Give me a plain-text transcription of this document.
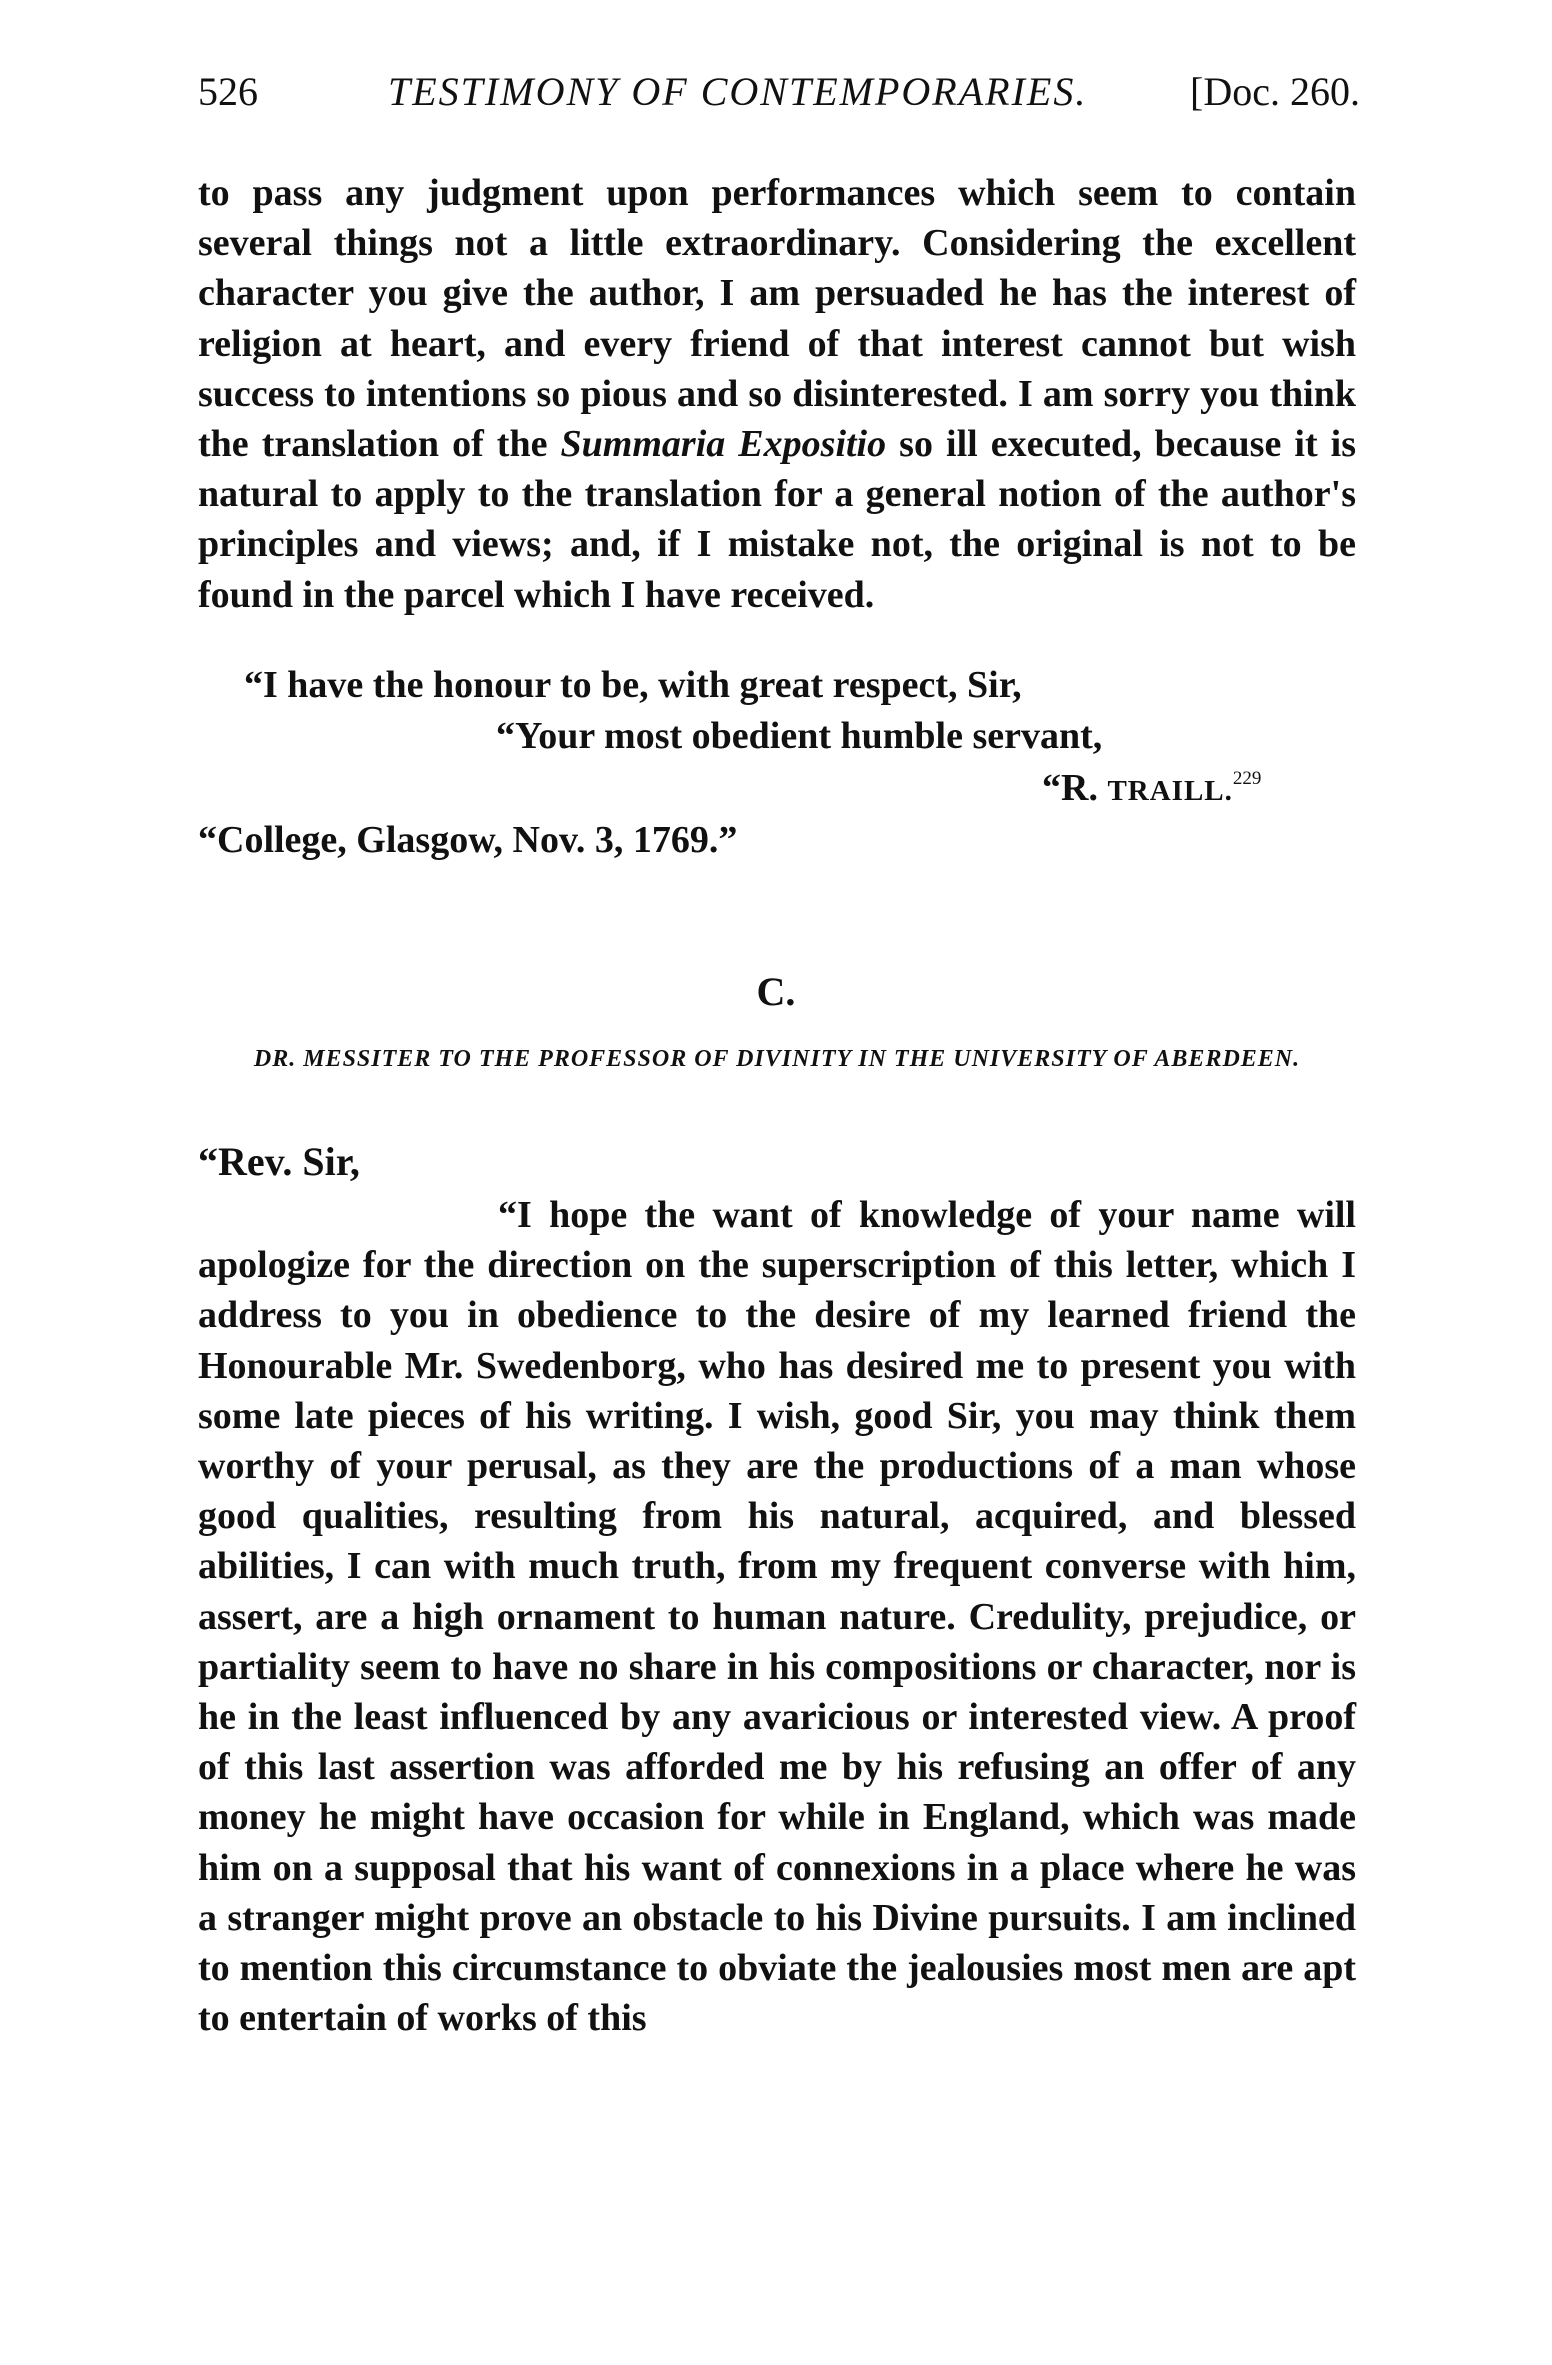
526	TESTIMONY OF CONTEMPORARIES.	[Doc. 260.
to pass any judgment upon performances which seem to contain several things not a little extraordinary. Considering the excellent character you give the author, I am persuaded he has the interest of religion at heart, and every friend of that interest cannot but wish success to intentions so pious and so disinterested. I am sorry you think the translation of the Summaria Expositio so ill executed, because it is natural to apply to the translation for a general notion of the author's principles and views; and, if I mistake not, the original is not to be found in the parcel which I have received.
“I have the honour to be, with great respect, Sir,
“Your most obedient humble servant,
“R. TRAILL.$^{229}$
“College, Glasgow, Nov. 3, 1769.”
C.
DR. MESSITER TO THE PROFESSOR OF DIVINITY IN THE UNIVERSITY OF ABERDEEN.
“Rev. Sir,
“I hope the want of knowledge of your name will apologize for the direction on the superscription of this letter, which I address to you in obedience to the desire of my learned friend the Honourable Mr. Swedenborg, who has desired me to present you with some late pieces of his writing. I wish, good Sir, you may think them worthy of your perusal, as they are the productions of a man whose good qualities, resulting from his natural, acquired, and blessed abilities, I can with much truth, from my frequent converse with him, assert, are a high ornament to human nature. Credulity, prejudice, or partiality seem to have no share in his compositions or character, nor is he in the least influenced by any avaricious or interested view. A proof of this last assertion was afforded me by his refusing an offer of any money he might have occasion for while in England, which was made him on a supposal that his want of connexions in a place where he was a stranger might prove an obstacle to his Divine pursuits. I am inclined to mention this circumstance to obviate the jealousies most men are apt to entertain of works of this
